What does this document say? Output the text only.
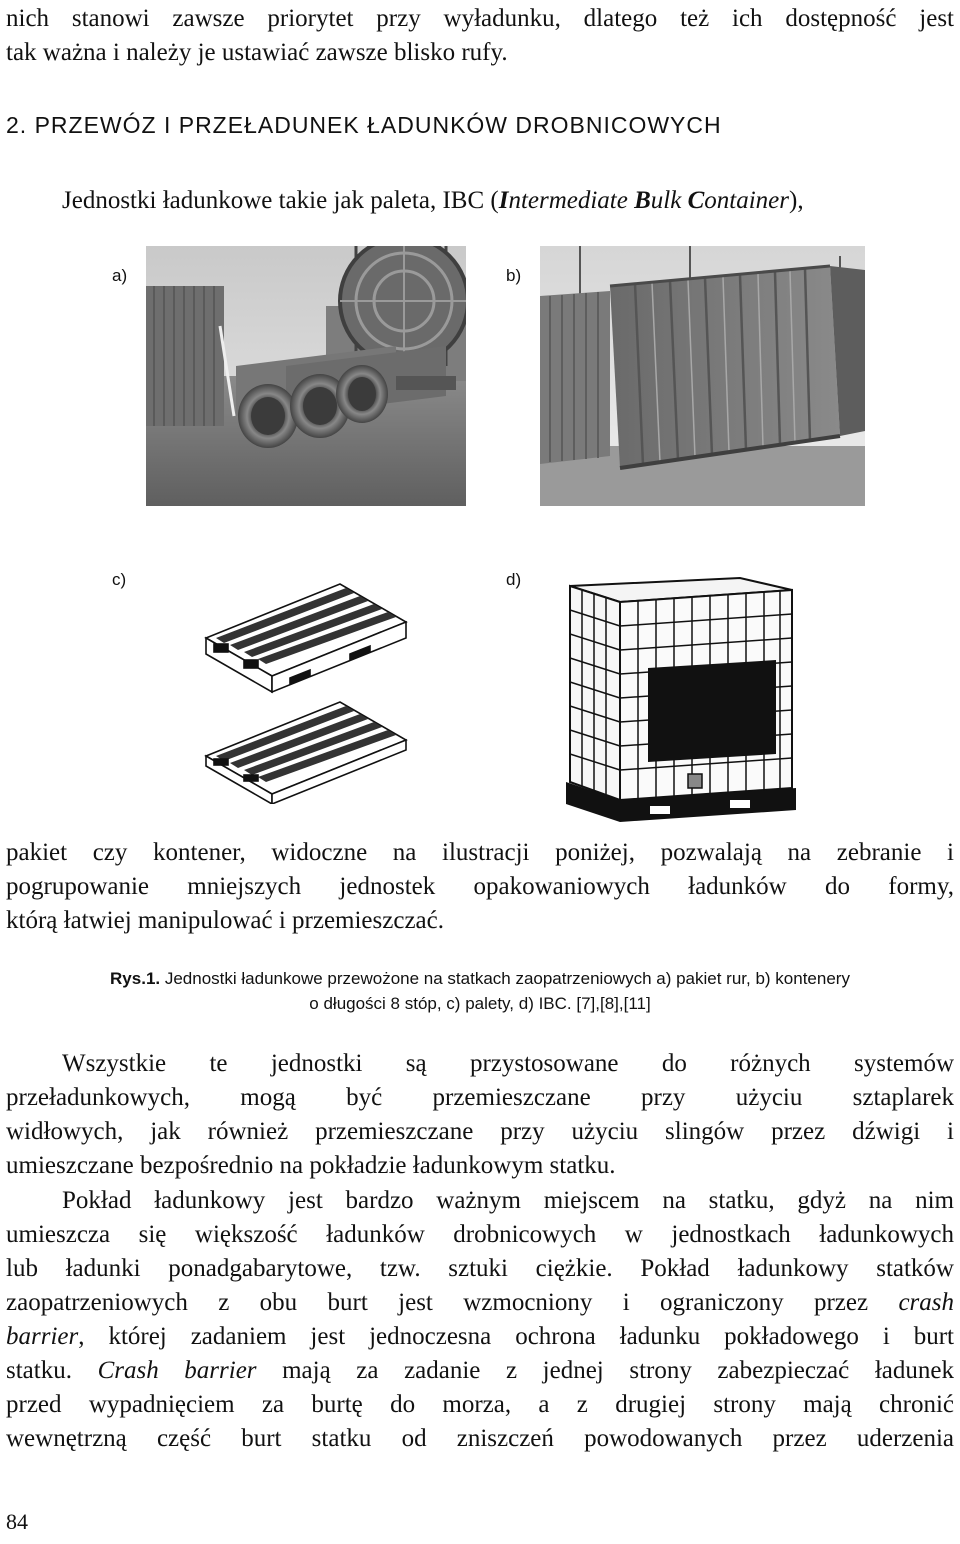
nich stanowi zawsze priorytet przy wyładunku, dlatego też ich dostępność jest
tak ważna i należy je ustawiać zawsze blisko rufy.
2. PRZEWÓZ I PRZEŁADUNEK ŁADUNKÓW DROBNICOWYCH
Jednostki ładunkowe takie jak paleta, IBC (Intermediate Bulk Container),
a)	b)
c)	d)
pakiet czy kontener, widoczne na ilustracji poniżej, pozwalają na zebranie i
pogrupowanie mniejszych jednostek opakowaniowych ładunków do formy,
którą łatwiej manipulować i przemieszczać.
Rys.1. Jednostki ładunkowe przewożone na statkach zaopatrzeniowych a) pakiet rur, b) kontenery
o długości 8 stóp, c) palety, d) IBC. [7],[8],[11]
Wszystkie te jednostki są przystosowane do różnych systemów
przeładunkowych, mogą być przemieszczane przy użyciu sztaplarek
widłowych, jak również przemieszczane przy użyciu slingów przez dźwigi i
umieszczane bezpośrednio na pokładzie ładunkowym statku.
Pokład ładunkowy jest bardzo ważnym miejscem na statku, gdyż na nim
umieszcza się większość ładunków drobnicowych w jednostkach ładunkowych
lub ładunki ponadgabarytowe, tzw. sztuki ciężkie. Pokład ładunkowy statków
zaopatrzeniowych z obu burt jest wzmocniony i ograniczony przez crash
barrier, której zadaniem jest jednoczesna ochrona ładunku pokładowego i burt
statku. Crash barrier mają za zadanie z jednej strony zabezpieczać ładunek
przed wypadnięciem za burtę do morza, a z drugiej strony mają chronić
wewnętrzną część burt statku od zniszczeń powodowanych przez uderzenia
84
